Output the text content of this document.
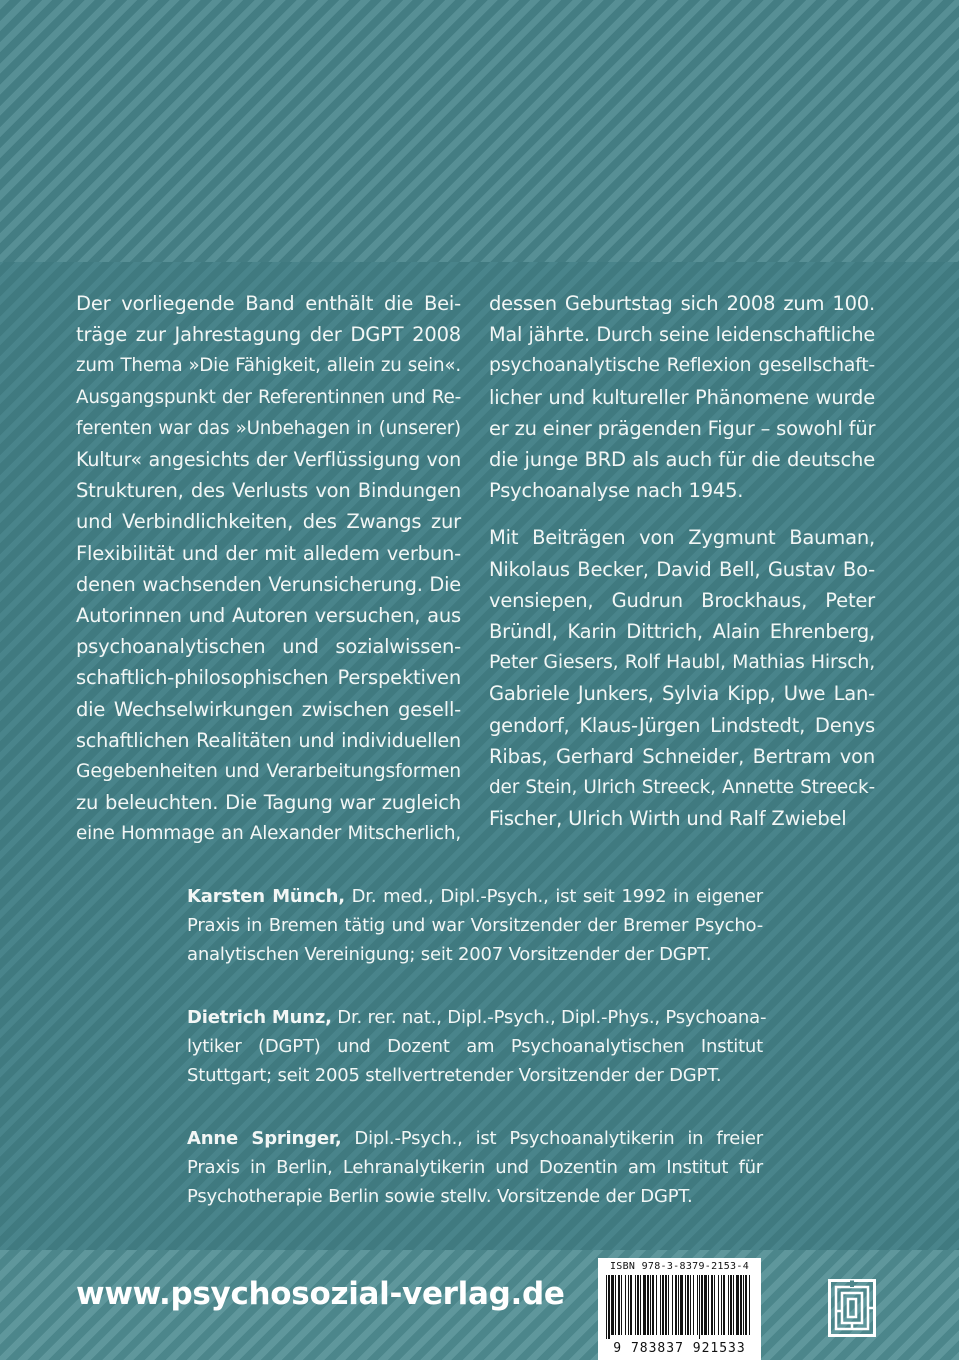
Der vorliegende Band enthält die Bei-
träge zur Jahrestagung der DGPT 2008
zum Thema »Die Fähigkeit, allein zu sein«.
Ausgangspunkt der Referentinnen und Re-
ferenten war das »Unbehagen in (unserer)
Kultur« angesichts der Verflüssigung von
Strukturen, des Verlusts von Bindungen
und Verbindlichkeiten, des Zwangs zur
Flexibilität und der mit alledem verbun-
denen wachsenden Verunsicherung. Die
Autorinnen und Autoren versuchen, aus
psychoanalytischen und sozialwissen-
schaftlich-philosophischen Perspektiven
die Wechselwirkungen zwischen gesell-
schaftlichen Realitäten und individuellen
Gegebenheiten und Verarbeitungsformen
zu beleuchten. Die Tagung war zugleich
eine Hommage an Alexander Mitscherlich,
dessen Geburtstag sich 2008 zum 100.
Mal jährte. Durch seine leidenschaftliche
psychoanalytische Reflexion gesellschaft-
licher und kultureller Phänomene wurde
er zu einer prägenden Figur – sowohl für
die junge BRD als auch für die deutsche
Psychoanalyse nach 1945.
Mit Beiträgen von Zygmunt Bauman,
Nikolaus Becker, David Bell, Gustav Bo-
vensiepen, Gudrun Brockhaus, Peter
Bründl, Karin Dittrich, Alain Ehrenberg,
Peter Giesers, Rolf Haubl, Mathias Hirsch,
Gabriele Junkers, Sylvia Kipp, Uwe Lan-
gendorf, Klaus-Jürgen Lindstedt, Denys
Ribas, Gerhard Schneider, Bertram von
der Stein, Ulrich Streeck, Annette Streeck-
Fischer, Ulrich Wirth und Ralf Zwiebel
Karsten Münch, Dr. med., Dipl.-Psych., ist seit 1992 in eigener
Praxis in Bremen tätig und war Vorsitzender der Bremer Psycho-
analytischen Vereinigung; seit 2007 Vorsitzender der DGPT.
Dietrich Munz, Dr. rer. nat., Dipl.-Psych., Dipl.-Phys., Psychoana-
lytiker (DGPT) und Dozent am Psychoanalytischen Institut
Stuttgart; seit 2005 stellvertretender Vorsitzender der DGPT.
Anne Springer, Dipl.-Psych., ist Psychoanalytikerin in freier
Praxis in Berlin, Lehranalytikerin und Dozentin am Institut für
Psychotherapie Berlin sowie stellv. Vorsitzende der DGPT.
www.psychosozial-verlag.de
ISBN 978-3-8379-2153-4
9 783837 921533
